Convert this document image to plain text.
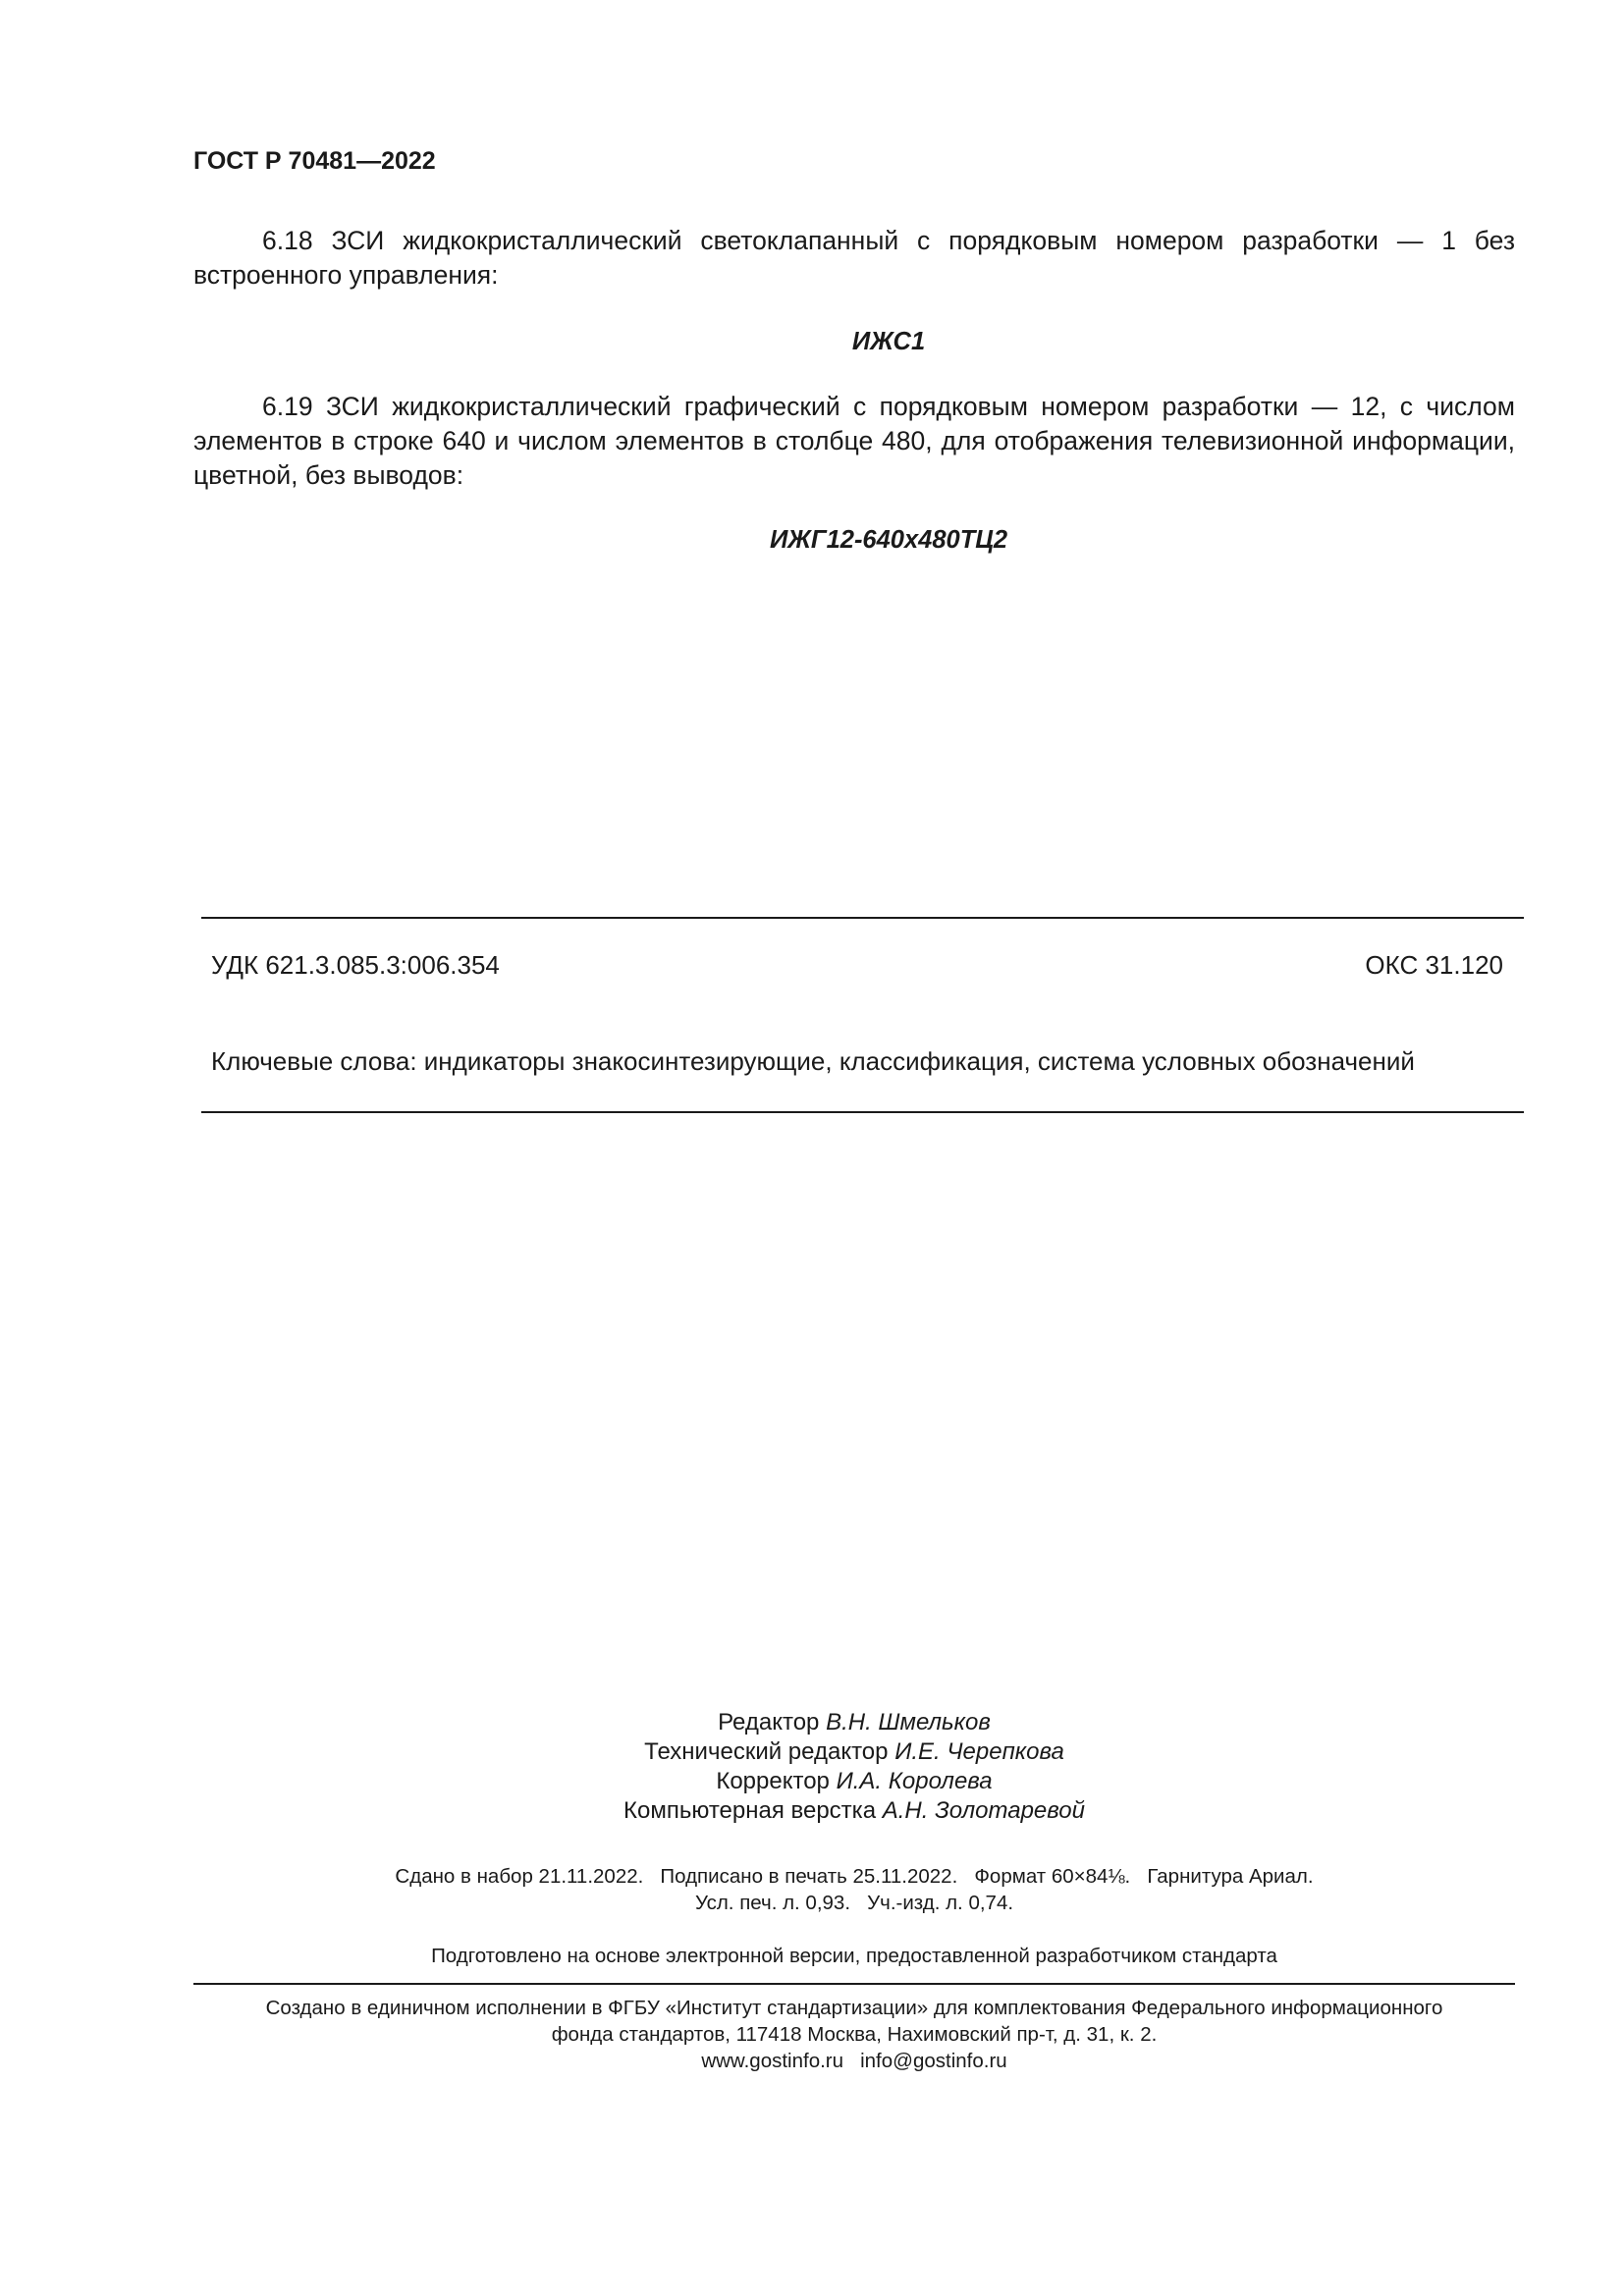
ГОСТ Р 70481—2022
6.18 ЗСИ жидкокристаллический светоклапанный с порядковым номером разработки — 1 без встроенного управления:
ИЖС1
6.19 ЗСИ жидкокристаллический графический с порядковым номером разработки — 12, с числом элементов в строке 640 и числом элементов в столбце 480, для отображения телевизионной информации, цветной, без выводов:
ИЖГ12-640х480ТЦ2
УДК 621.3.085.3:006.354	ОКС 31.120
Ключевые слова: индикаторы знакосинтезирующие, классификация, система условных обозначений
Редактор В.Н. Шмельков
Технический редактор И.Е. Черепкова
Корректор И.А. Королева
Компьютерная верстка А.Н. Золотаревой
Сдано в набор 21.11.2022.   Подписано в печать 25.11.2022.   Формат 60×84⅛.   Гарнитура Ариал.
Усл. печ. л. 0,93.   Уч.-изд. л. 0,74.
Подготовлено на основе электронной версии, предоставленной разработчиком стандарта
Создано в единичном исполнении в ФГБУ «Институт стандартизации» для комплектования Федерального информационного
фонда стандартов, 117418 Москва, Нахимовский пр-т, д. 31, к. 2.
www.gostinfo.ru   info@gostinfo.ru
